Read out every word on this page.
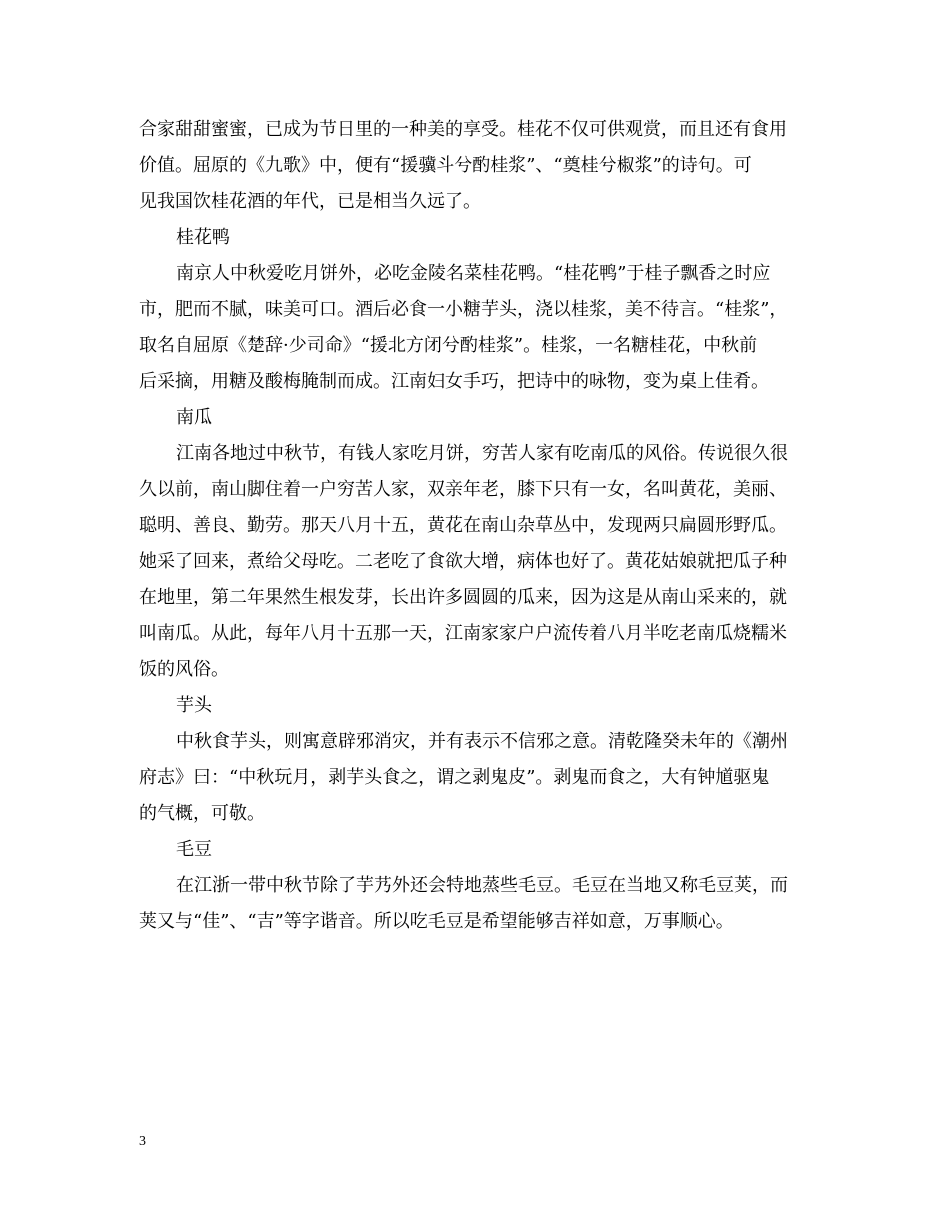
合家甜甜蜜蜜，已成为节日里的一种美的享受。桂花不仅可供观赏，而且还有食用
价值。屈原的《九歌》中，便有“援骥斗兮酌桂浆”、“奠桂兮椒浆”的诗句。可
见我国饮桂花酒的年代，已是相当久远了。
桂花鸭
南京人中秋爱吃月饼外，必吃金陵名菜桂花鸭。“桂花鸭”于桂子飘香之时应
市，肥而不腻，味美可口。酒后必食一小糖芋头，浇以桂浆，美不待言。“桂浆”，
取名自屈原《楚辞·少司命》“援北方闭兮酌桂浆”。桂浆，一名糖桂花，中秋前
后采摘，用糖及酸梅腌制而成。江南妇女手巧，把诗中的咏物，变为桌上佳肴。
南瓜
江南各地过中秋节，有钱人家吃月饼，穷苦人家有吃南瓜的风俗。传说很久很
久以前，南山脚住着一户穷苦人家，双亲年老，膝下只有一女，名叫黄花，美丽、
聪明、善良、勤劳。那天八月十五，黄花在南山杂草丛中，发现两只扁圆形野瓜。
她采了回来，煮给父母吃。二老吃了食欲大增，病体也好了。黄花姑娘就把瓜子种
在地里，第二年果然生根发芽，长出许多圆圆的瓜来，因为这是从南山采来的，就
叫南瓜。从此，每年八月十五那一天，江南家家户户流传着八月半吃老南瓜烧糯米
饭的风俗。
芋头
中秋食芋头，则寓意辟邪消灾，并有表示不信邪之意。清乾隆癸未年的《潮州
府志》曰：“中秋玩月，剥芋头食之，谓之剥鬼皮”。剥鬼而食之，大有钟馗驱鬼
的气概，可敬。
毛豆
在江浙一带中秋节除了芋艿外还会特地蒸些毛豆。毛豆在当地又称毛豆荚，而
荚又与“佳”、“吉”等字谐音。所以吃毛豆是希望能够吉祥如意，万事顺心。
3
